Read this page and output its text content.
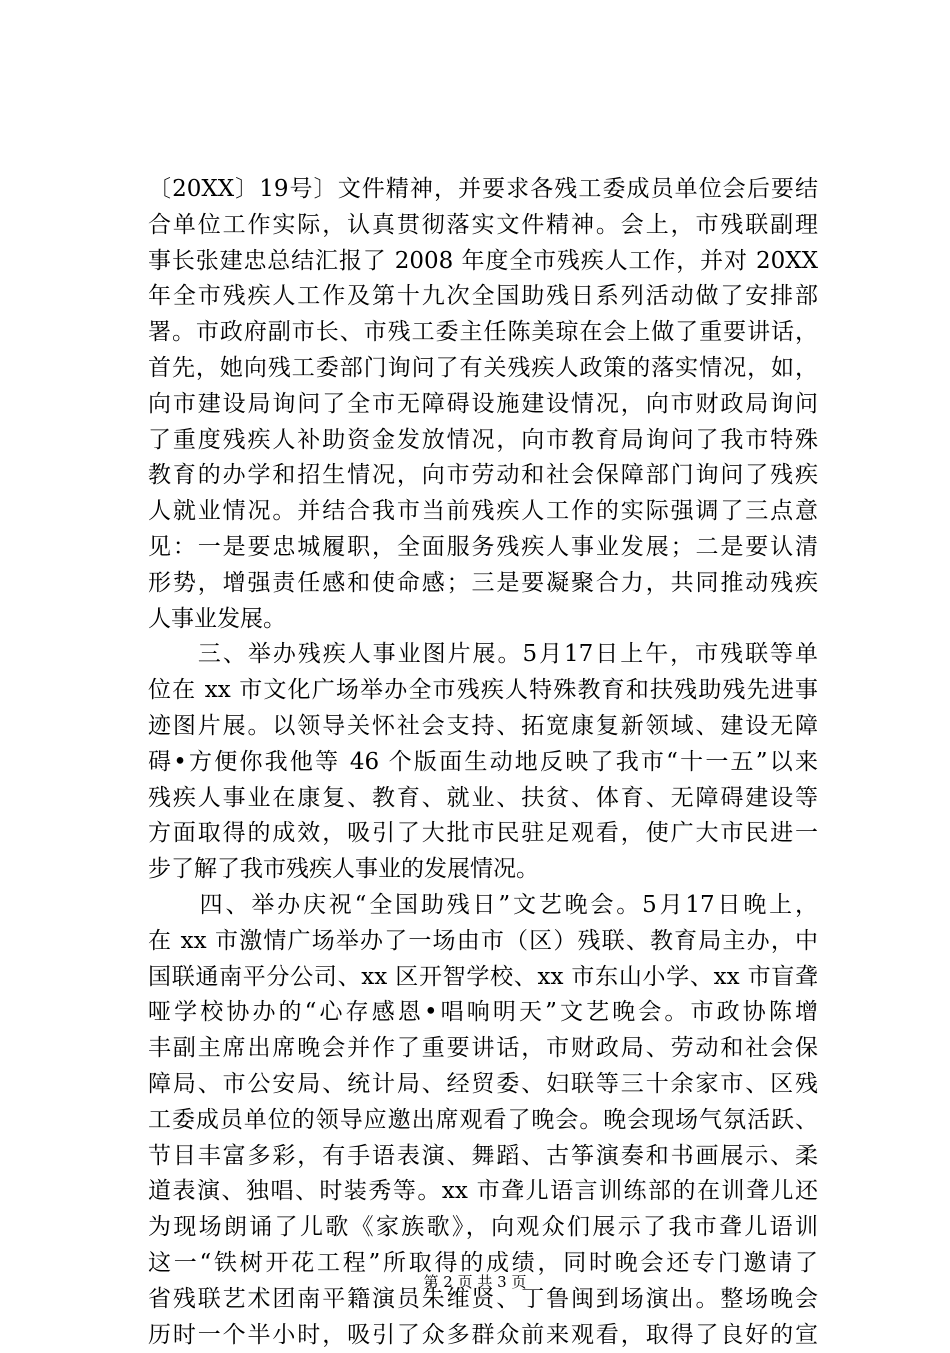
〔20XX〕19号〕文件精神，并要求各残工委成员单位会后要结
合单位工作实际，认真贯彻落实文件精神。会上，市残联副理
事长张建忠总结汇报了 2008 年度全市残疾人工作，并对 20XX
年全市残疾人工作及第十九次全国助残日系列活动做了安排部
署。市政府副市长、市残工委主任陈美琼在会上做了重要讲话，
首先，她向残工委部门询问了有关残疾人政策的落实情况，如，
向市建设局询问了全市无障碍设施建设情况，向市财政局询问
了重度残疾人补助资金发放情况，向市教育局询问了我市特殊
教育的办学和招生情况，向市劳动和社会保障部门询问了残疾
人就业情况。并结合我市当前残疾人工作的实际强调了三点意
见：一是要忠城履职，全面服务残疾人事业发展；二是要认清
形势，增强责任感和使命感；三是要凝聚合力，共同推动残疾
人事业发展。
　　三、举办残疾人事业图片展。5月17日上午，市残联等单
位在 xx 市文化广场举办全市残疾人特殊教育和扶残助残先进事
迹图片展。以领导关怀社会支持、拓宽康复新领域、建设无障
碍•方便你我他等 46 个版面生动地反映了我市“十一五”以来
残疾人事业在康复、教育、就业、扶贫、体育、无障碍建设等
方面取得的成效，吸引了大批市民驻足观看，使广大市民进一
步了解了我市残疾人事业的发展情况。
　　四、举办庆祝“全国助残日”文艺晚会。5月17日晚上，
在 xx 市激情广场举办了一场由市（区）残联、教育局主办，中
国联通南平分公司、xx 区开智学校、xx 市东山小学、xx 市盲聋
哑学校协办的“心存感恩•唱响明天”文艺晚会。市政协陈增
丰副主席出席晚会并作了重要讲话，市财政局、劳动和社会保
障局、市公安局、统计局、经贸委、妇联等三十余家市、区残
工委成员单位的领导应邀出席观看了晚会。晚会现场气氛活跃、
节目丰富多彩，有手语表演、舞蹈、古筝演奏和书画展示、柔
道表演、独唱、时装秀等。xx 市聋儿语言训练部的在训聋儿还
为现场朗诵了儿歌《家族歌》，向观众们展示了我市聋儿语训
这一“铁树开花工程”所取得的成绩，同时晚会还专门邀请了
省残联艺术团南平籍演员朱维贤、丁鲁闽到场演出。整场晚会
历时一个半小时，吸引了众多群众前来观看，取得了良好的宣
第 2 页 共 3 页
